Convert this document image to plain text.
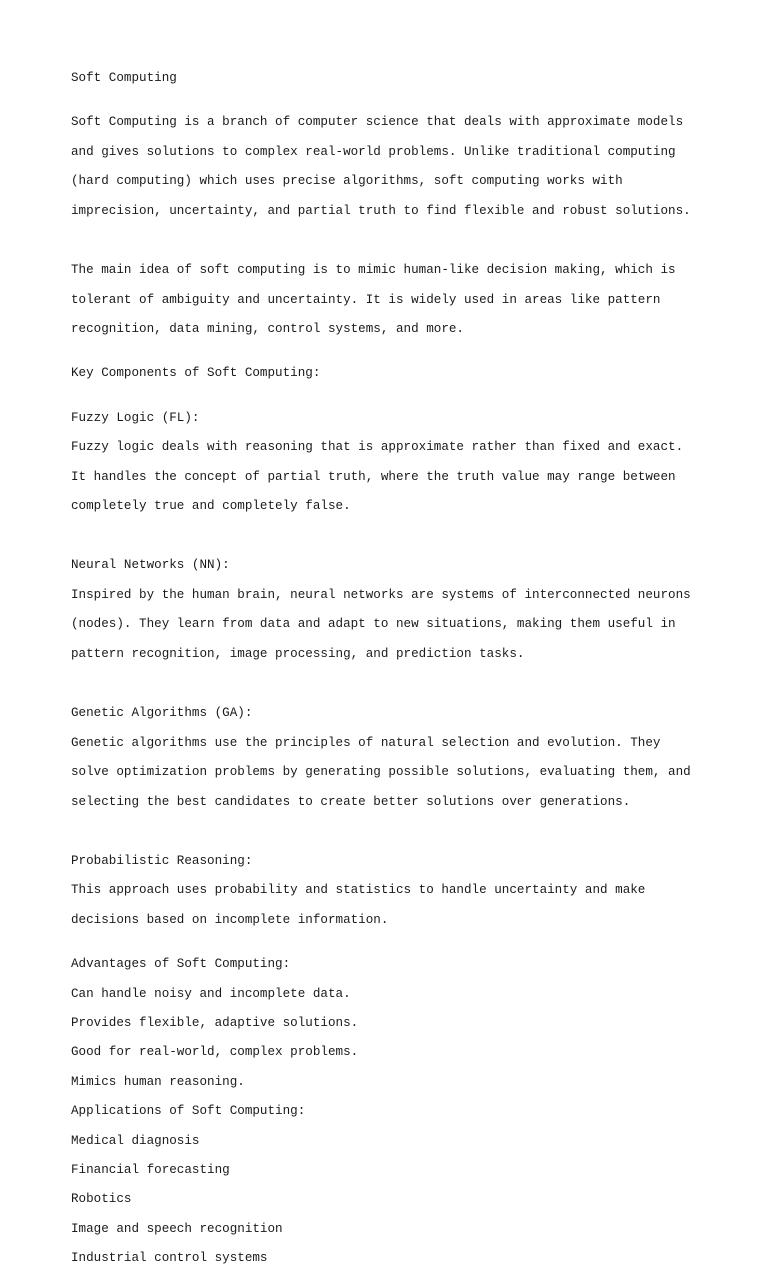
Soft Computing

Soft Computing is a branch of computer science that deals with approximate models

and gives solutions to complex real-world problems. Unlike traditional computing

(hard computing) which uses precise algorithms, soft computing works with

imprecision, uncertainty, and partial truth to find flexible and robust solutions.

The main idea of soft computing is to mimic human-like decision making, which is

tolerant of ambiguity and uncertainty. It is widely used in areas like pattern

recognition, data mining, control systems, and more.

Key Components of Soft Computing:

Fuzzy Logic (FL):

Fuzzy logic deals with reasoning that is approximate rather than fixed and exact.

It handles the concept of partial truth, where the truth value may range between

completely true and completely false.

Neural Networks (NN):

Inspired by the human brain, neural networks are systems of interconnected neurons

(nodes). They learn from data and adapt to new situations, making them useful in

pattern recognition, image processing, and prediction tasks.

Genetic Algorithms (GA):

Genetic algorithms use the principles of natural selection and evolution. They

solve optimization problems by generating possible solutions, evaluating them, and

selecting the best candidates to create better solutions over generations.

Probabilistic Reasoning:

This approach uses probability and statistics to handle uncertainty and make

decisions based on incomplete information.

Advantages of Soft Computing:
Can handle noisy and incomplete data.
Provides flexible, adaptive solutions.
Good for real-world, complex problems.
Mimics human reasoning.
Applications of Soft Computing:
Medical diagnosis
Financial forecasting
Robotics
Image and speech recognition
Industrial control systems
